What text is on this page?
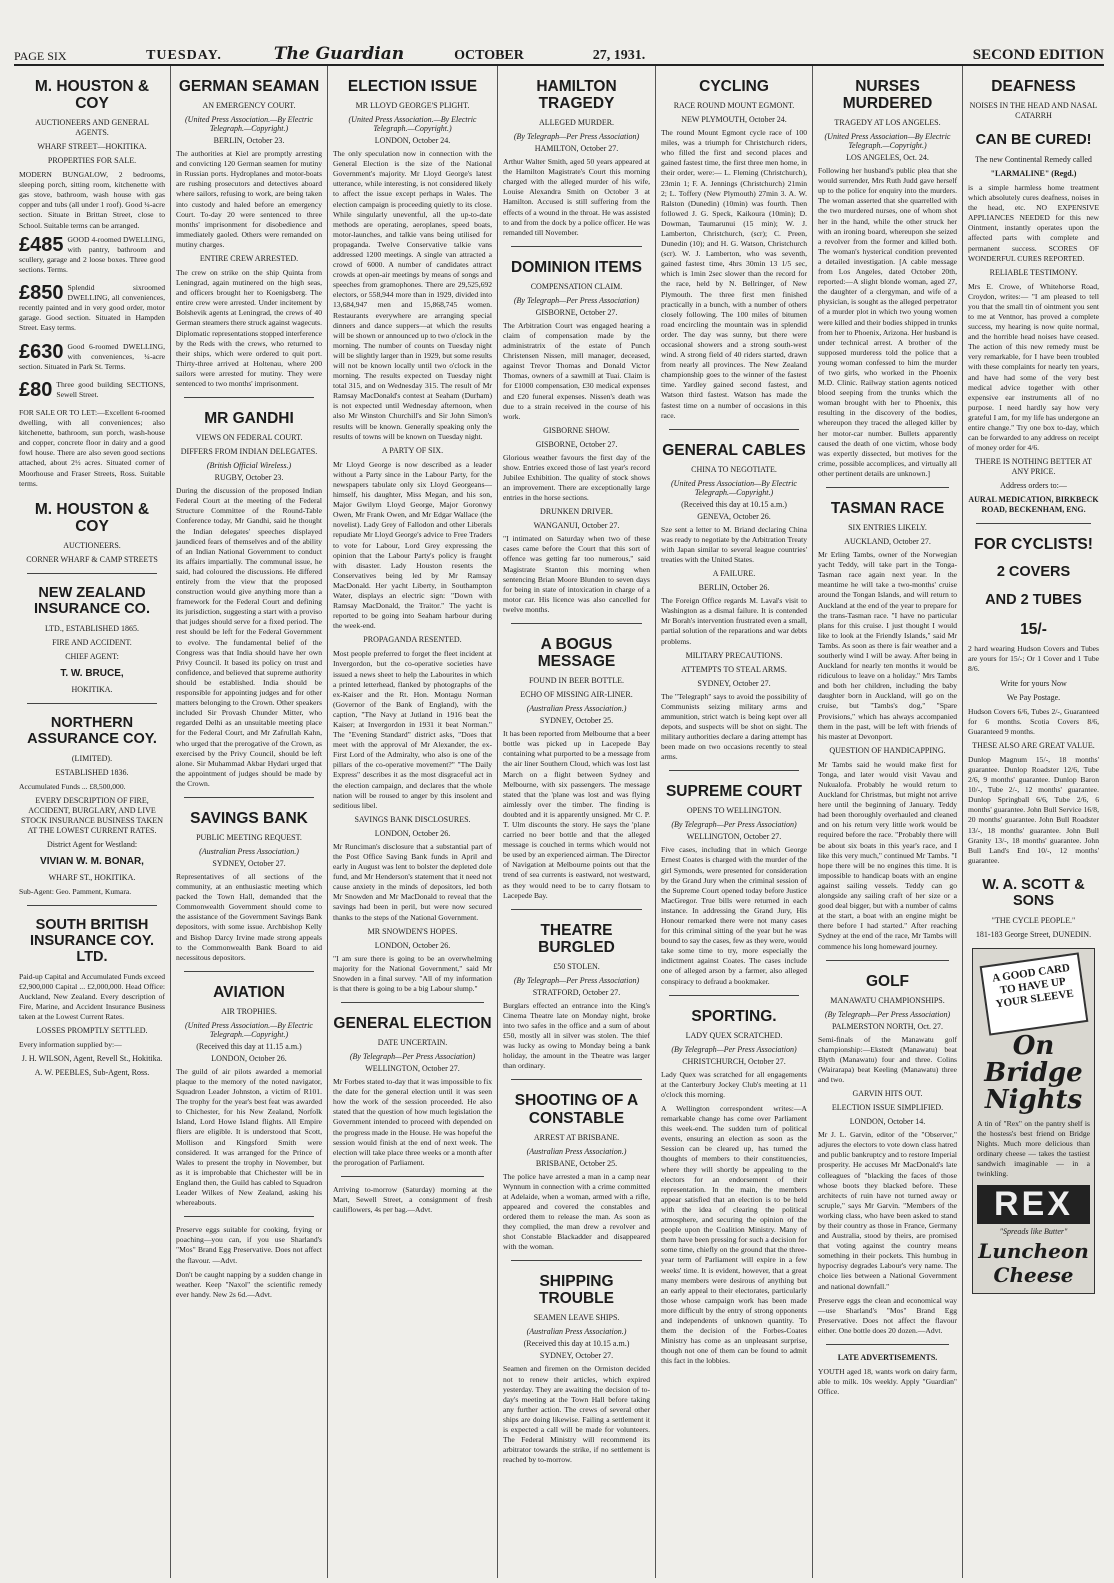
PAGE SIX	TUESDAY.	The Guardian	OCTOBER	27, 1931.	SECOND EDITION
M. HOUSTON & COY
AUCTIONEERS AND GENERAL AGENTS.
WHARF STREET—HOKITIKA.
PROPERTIES FOR SALE.
MODERN BUNGALOW, 2 bedrooms, sleeping porch, sitting room, kitchenette with gas stove, bathroom, wash house with gas copper and tubs (all under 1 roof). Good ¼-acre section. Situate in Brittan Street, close to School. Suitable terms can be arranged.
£485 GOOD 4-roomed DWELLING, with pantry, bathroom and scullery, garage and 2 loose boxes. Three good sections. Terms.
£850 Splendid sixroomed DWELLING, all conveniences, recently painted and in very good order, motor garage. Good section. Situated in Hampden Street. Easy terms.
£630 Good 6-roomed DWELLING, with conveniences, ¼-acre section. Situated in Park St. Terms.
£80 Three good building SECTIONS, Sewell Street.
FOR SALE OR TO LET:—Excellent 6-roomed dwelling, with all conveniences; also kitchenette, bathroom, sun porch, wash-house and copper, concrete floor in dairy and a good fowl house. There are also seven good sections attached, about 2½ acres. Situated corner of Moorhouse and Fraser Streets, Ross. Suitable terms.
M. HOUSTON & COY
AUCTIONEERS.
CORNER WHARF & CAMP STREETS
NEW ZEALAND INSURANCE CO.
LTD., ESTABLISHED 1865.
FIRE AND ACCIDENT.
CHIEF AGENT:
T. W. BRUCE,
HOKITIKA.
NORTHERN ASSURANCE COY.
(LIMITED).
ESTABLISHED 1836.
Accumulated Funds ... £8,500,000.
EVERY DESCRIPTION OF FIRE, ACCIDENT, BURGLARY, AND LIVE STOCK INSURANCE BUSINESS TAKEN AT THE LOWEST CURRENT RATES.
District Agent for Westland:
VIVIAN W. M. BONAR,
WHARF ST., HOKITIKA.
Sub-Agent: Geo. Pamment, Kumara.
SOUTH BRITISH INSURANCE COY. LTD.
Paid-up Capital and Accumulated Funds exceed £2,900,000 Capital ... £2,000,000. Head Office: Auckland, New Zealand. Every description of Fire, Marine, and Accident Insurance Business taken at the Lowest Current Rates.
LOSSES PROMPTLY SETTLED.
Every information supplied by:—
J. H. WILSON, Agent, Revell St., Hokitika.
A. W. PEEBLES, Sub-Agent, Ross.
GERMAN SEAMAN
AN EMERGENCY COURT.
(United Press Association.—By Electric Telegraph.—Copyright.)
BERLIN, October 23.
The authorities at Kiel are promptly arresting and convicting 120 German seamen for mutiny in Russian ports. Hydroplanes and motor-boats are rushing prosecutors and detectives aboard where sailors, refusing to work, are being taken into custody and haled before an emergency Court. To-day 20 were sentenced to three months' imprisonment for disobedience and immediately gaoled. Others were remanded on mutiny charges.
ENTIRE CREW ARRESTED.
The crew on strike on the ship Quinta from Leningrad, again mutinered on the high seas, and officers brought her to Koenigsberg. The entire crew were arrested. Under incitement by Bolshevik agents at Leningrad, the crews of 40 German steamers there struck against wagecuts. Diplomatic representations stopped interference by the Reds with the crews, who returned to their ships, which were ordered to quit port. Thirty-three arrived at Holtenau, where 200 sailors were arrested for mutiny. They were sentenced to two months' imprisonment.
MR GANDHI
VIEWS ON FEDERAL COURT.
DIFFERS FROM INDIAN DELEGATES.
(British Official Wireless.)
RUGBY, October 23.
During the discussion of the proposed Indian Federal Court at the meeting of the Federal Structure Committee of the Round-Table Conference today, Mr Gandhi, said he thought the Indian delegates' speeches displayed jaundiced fears of themselves and of the ability of an Indian National Government to conduct its affairs impartially. The communal issue, he said, had coloured the discussions. He differed entirely from the view that the proposed construction would give anything more than a framework for the Federal Court and defining its jurisdiction, suggesting a start with a proviso that judges should serve for a fixed period. The rest should be left for the Federal Government to evolve. The fundamental belief of the Congress was that India should have her own Privy Council. It based its policy on trust and confidence, and believed that supreme authority should be established. India should be responsible for appointing judges and for other matters belonging to the Crown. Other speakers included Sir Provash Chunder Mitter, who regarded Delhi as an unsuitable meeting place for the Federal Court, and Mr Zafrullah Kahn, who urged that the prerogative of the Crown, as exercised by the Privy Council, should be left alone. Sir Muhammad Akbar Hydari urged that the appointment of judges should be made by the Crown.
SAVINGS BANK
PUBLIC MEETING REQUEST.
(Australian Press Association.)
SYDNEY, October 27.
Representatives of all sections of the community, at an enthusiastic meeting which packed the Town Hall, demanded that the Commonwealth Government should come to the assistance of the Government Savings Bank depositors, with some issue. Archbishop Kelly and Bishop Darcy Irvine made strong appeals to the Commonwealth Bank Board to aid necessitous depositors.
AVIATION
AIR TROPHIES.
(United Press Association.—By Electric Telegraph.—Copyright.)
(Received this day at 11.15 a.m.)
LONDON, October 26.
The guild of air pilots awarded a memorial plaque to the memory of the noted navigator, Squadron Leader Johnston, a victim of R101. The trophy for the year's best feat was awarded to Chichester, for his New Zealand, Norfolk Island, Lord Howe Island flights. All Empire fliers are eligible. It is understood that Scott, Mollison and Kingsford Smith were considered. It was arranged for the Prince of Wales to present the trophy in November, but as it is improbable that Chichester will be in England then, the Guild has cabled to Squadron Leader Wilkes of New Zealand, asking his whereabouts.
Preserve eggs suitable for cooking, frying or poaching—you can, if you use Sharland's "Mos" Brand Egg Preservative. Does not affect the flavour. —Advt.
Don't be caught napping by a sudden change in weather. Keep "Naxol" the scientific remedy ever handy. New 2s 6d.—Advt.
ELECTION ISSUE
MR LLOYD GEORGE'S PLIGHT.
(United Press Association.—By Electric Telegraph.—Copyright.)
LONDON, October 24.
The only speculation now in connection with the General Election is the size of the National Government's majority. Mr Lloyd George's latest utterance, while interesting, is not considered likely to affect the issue except perhaps in Wales. The election campaign is proceeding quietly to its close. While singularly uneventful, all the up-to-date methods are operating, aeroplanes, speed boats, motor-launches, and talkie vans being utilised for propaganda. Twelve Conservative talkie vans addressed 1200 meetings. A single van attracted a crowd of 6000. A number of candidates attract crowds at open-air meetings by means of songs and speeches from gramophones. There are 29,525,692 electors, or 558,944 more than in 1929, divided into 13,684,947 men and 15,868,745 women. Restaurants everywhere are arranging special dinners and dance suppers—at which the results will be shown or announced up to two o'clock in the morning. The number of counts on Tuesday night will be slightly larger than in 1929, but some results will not be known locally until two o'clock in the morning. The results expected on Tuesday night total 315, and on Wednesday 315. The result of Mr Ramsay MacDonald's contest at Seaham (Durham) is not expected until Wednesday afternoon, when also Mr Winston Churchill's and Sir John Simon's results will be known. Generally speaking only the results of towns will be known on Tuesday night.
A PARTY OF SIX.
Mr Lloyd George is now described as a leader without a Party since in the Labour Party, for the newspapers tabulate only six Lloyd Georgeans—himself, his daughter, Miss Megan, and his son, Major Gwilym Lloyd George, Major Goronwy Owen, Mr Frank Owen, and Mr Edgar Wallace (the novelist). Lady Grey of Fallodon and other Liberals repudiate Mr Lloyd George's advice to Free Traders to vote for Labour, Lord Grey expressing the opinion that the Labour Party's policy is fraught with disaster. Lady Houston resents the Conservatives being led by Mr Ramsay MacDonald. Her yacht Liberty, in Southampton Water, displays an electric sign: "Down with Ramsay MacDonald, the Traitor." The yacht is reported to be going into Seaham harbour during the week-end.
PROPAGANDA RESENTED.
Most people preferred to forget the fleet incident at Invergordon, but the co-operative societies have issued a news sheet to help the Labourites in which a printed letterhead, flanked by photographs of the ex-Kaiser and the Rt. Hon. Montagu Norman (Governor of the Bank of England), with the caption, "The Navy at Jutland in 1916 beat the Kaiser; at Invergordon in 1931 it beat Norman." The "Evening Standard" district asks, "Does that meet with the approval of Mr Alexander, the ex-First Lord of the Admiralty, who also is one of the pillars of the co-operative movement?" "The Daily Express" describes it as the most disgraceful act in the election campaign, and declares that the whole nation will be roused to anger by this insolent and seditious libel.
SAVINGS BANK DISCLOSURES.
LONDON, October 26.
Mr Runciman's disclosure that a substantial part of the Post Office Saving Bank funds in April and early in August was lent to bolster the depleted dole fund, and Mr Henderson's statement that it need not cause anxiety in the minds of depositors, led both Mr Snowden and Mr MacDonald to reveal that the savings had been in peril, but were now secured thanks to the steps of the National Government.
MR SNOWDEN'S HOPES.
LONDON, October 26.
"I am sure there is going to be an overwhelming majority for the National Government," said Mr Snowden in a final survey. "All of my information is that there is going to be a big Labour slump."
GENERAL ELECTION
DATE UNCERTAIN.
(By Telegraph—Per Press Association)
WELLINGTON, October 27.
Mr Forbes stated to-day that it was impossible to fix the date for the general election until it was seen how the work of the session proceeded. He also stated that the question of how much legislation the Government intended to proceed with depended on the progress made in the House. He was hopeful the session would finish at the end of next week. The election will take place three weeks or a month after the prorogation of Parliament.
Arriving to-morrow (Saturday) morning at the Mart, Sewell Street, a consignment of fresh cauliflowers, 4s per bag.—Advt.
HAMILTON TRAGEDY
ALLEGED MURDER.
(By Telegraph—Per Press Association)
HAMILTON, October 27.
Arthur Walter Smith, aged 50 years appeared at the Hamilton Magistrate's Court this morning charged with the alleged murder of his wife, Louise Alexandra Smith on October 3 at Hamilton. Accused is still suffering from the effects of a wound in the throat. He was assisted to and from the dock by a police officer. He was remanded till November.
DOMINION ITEMS
COMPENSATION CLAIM.
(By Telegraph—Per Press Association)
GISBORNE, October 27.
The Arbitration Court was engaged hearing a claim of compensation made by the administratrix of the estate of Punch Christensen Nissen, mill manager, deceased, against Trevor Thomas and Donald Victor Thomas, owners of a sawmill at Tuai. Claim is for £1000 compensation, £30 medical expenses and £20 funeral expenses. Nissen's death was due to a strain received in the course of his work.
GISBORNE SHOW.
GISBORNE, October 27.
Glorious weather favours the first day of the show. Entries exceed those of last year's record Jubilee Exhibition. The quality of stock shows an improvement. There are exceptionally large entries in the horse sections.
DRUNKEN DRIVER.
WANGANUI, October 27.
"I intimated on Saturday when two of these cases came before the Court that this sort of offence was getting far too numerous," said Magistrate Stanton this morning when sentencing Brian Moore Blunden to seven days for being in state of intoxication in charge of a motor car. His licence was also cancelled for twelve months.
A BOGUS MESSAGE
FOUND IN BEER BOTTLE.
ECHO OF MISSING AIR-LINER.
(Australian Press Association.)
SYDNEY, October 25.
It has been reported from Melbourne that a beer bottle was picked up in Lacepede Bay containing what purported to be a message from the air liner Southern Cloud, which was lost last March on a flight between Sydney and Melbourne, with six passengers. The message stated that the 'plane was lost and was flying aimlessly over the timber. The finding is doubted and it is apparently unsigned. Mr C. P. T. Ulm discounts the story. He says the 'plane carried no beer bottle and that the alleged message is couched in terms which would not be used by an experienced airman. The Director of Navigation at Melbourne points out that the trend of sea currents is eastward, not westward, as they would need to be to carry flotsam to Lacepede Bay.
THEATRE BURGLED
£50 STOLEN.
(By Telegraph—Per Press Association)
STRATFORD, October 27.
Burglars effected an entrance into the King's Cinema Theatre late on Monday night, broke into two safes in the office and a sum of about £50, mostly all in silver was stolen. The thief was lucky as owing to Monday being a bank holiday, the amount in the Theatre was larger than ordinary.
SHOOTING OF A CONSTABLE
ARREST AT BRISBANE.
(Australian Press Association.)
BRISBANE, October 25.
The police have arrested a man in a camp near Wynnum in connection with a crime committed at Adelaide, when a woman, armed with a rifle, appeared and covered the constables and ordered them to release the man. As soon as they complied, the man drew a revolver and shot Constable Blackadder and disappeared with the woman.
SHIPPING TROUBLE
SEAMEN LEAVE SHIPS.
(Australian Press Association.)
(Received this day at 10.15 a.m.)
SYDNEY, October 27.
Seamen and firemen on the Ormiston decided not to renew their articles, which expired yesterday. They are awaiting the decision of to-day's meeting at the Town Hall before taking any further action. The crews of several other ships are doing likewise. Failing a settlement it is expected a call will be made for volunteers. The Federal Ministry will recommend its arbitrator towards the strike, if no settlement is reached by to-morrow.
CYCLING
RACE ROUND MOUNT EGMONT.
NEW PLYMOUTH, October 24.
The round Mount Egmont cycle race of 100 miles, was a triumph for Christchurch riders, who filled the first and second places and gained fastest time, the first three men home, in their order, were:— L. Fleming (Christchurch), 23min 1; F. A. Jennings (Christchurch) 21min 2; L. Toffery (New Plymouth) 27min 3. A. W. Ralston (Dunedin) (10min) was fourth. Then followed J. G. Speck, Kaikoura (10min); D. Dowman, Taumarunui (15 min); W. J. Lamberton, Christchurch, (scr); C. Preen, Dunedin (10); and H. G. Watson, Christchurch (scr). W. J. Lamberton, who was seventh, gained fastest time, 4hrs 30min 13 1/5 sec, which is 1min 2sec slower than the record for the race, held by N. Bellringer, of New Plymouth. The three first men finished practically in a bunch, with a number of others closely following. The 100 miles of bitumen road encircling the mountain was in splendid order. The day was sunny, but there were occasional showers and a strong south-west wind. A strong field of 40 riders started, drawn from nearly all provinces. The New Zealand championship goes to the winner of the fastest time. Yardley gained second fastest, and Watson third fastest. Watson has made the fastest time on a number of occasions in this race.
GENERAL CABLES
CHINA TO NEGOTIATE.
(United Press Association—By Electric Telegraph.—Copyright.)
(Received this day at 10.15 a.m.)
GENEVA, October 26.
Sze sent a letter to M. Briand declaring China was ready to negotiate by the Arbitration Treaty with Japan similar to several league countries' treaties with the United States.
A FAILURE.
BERLIN, October 26.
The Foreign Office regards M. Laval's visit to Washington as a dismal failure. It is contended Mr Borah's intervention frustrated even a small, partial solution of the reparations and war debts problems.
MILITARY PRECAUTIONS.
ATTEMPTS TO STEAL ARMS.
SYDNEY, October 27.
The "Telegraph" says to avoid the possibility of Communists seizing military arms and ammunition, strict watch is being kept over all depots, and suspects will be shot on sight. The military authorities declare a daring attempt has been made on two occasions recently to steal arms.
SUPREME COURT
OPENS TO WELLINGTON.
(By Telegraph—Per Press Association)
WELLINGTON, October 27.
Five cases, including that in which George Ernest Coates is charged with the murder of the girl Symonds, were presented for consideration by the Grand Jury when the criminal session of the Supreme Court opened today before Justice MacGregor. True bills were returned in each instance. In addressing the Grand Jury, His Honour remarked there were not many cases for this criminal sitting of the year but he was bound to say the cases, few as they were, would take some time to try, more especially the indictment against Coates. The cases include one of alleged arson by a farmer, also alleged conspiracy to defraud a bookmaker.
SPORTING.
LADY QUEX SCRATCHED.
(By Telegraph—Per Press Association)
CHRISTCHURCH, October 27.
Lady Quex was scratched for all engagements at the Canterbury Jockey Club's meeting at 11 o'clock this morning.
A Wellington correspondent writes:—A remarkable change has come over Parliament this week-end. The sudden turn of political events, ensuring an election as soon as the Session can be cleared up, has turned the thoughts of members to their constituencies, where they will shortly be appealing to the electors for an endorsement of their representation. In the main, the members appear satisfied that an election is to be held with the idea of clearing the political atmosphere, and securing the opinion of the people upon the Coalition Ministry. Many of them have been pressing for such a decision for some time, chiefly on the ground that the three-year term of Parliament will expire in a few weeks' time. It is evident, however, that a great many members were desirous of anything but an early appeal to their electorates, particularly those whose campaign work has been made more difficult by the entry of strong opponents and independents of unknown quantity. To them the decision of the Forbes-Coates Ministry has come as an unpleasant surprise, though not one of them can be found to admit this fact in the lobbies.
NURSES MURDERED
TRAGEDY AT LOS ANGELES.
(United Press Association—By Electric Telegraph.—Copyright.)
LOS ANGELES, Oct. 24.
Following her husband's public plea that she would surrender, Mrs Ruth Judd gave herself up to the police for enquiry into the murders. The woman asserted that she quarrelled with the two murdered nurses, one of whom shot her in the hand, while the other struck her with an ironing board, whereupon she seized a revolver from the former and killed both. The woman's hysterical condition prevented a detailed investigation. [A cable message from Los Angeles, dated October 20th, reported:—A slight blonde woman, aged 27, the daughter of a clergyman, and wife of a physician, is sought as the alleged perpetrator of a murder plot in which two young women were killed and their bodies shipped in trunks from her to Phoenix, Arizona. Her husband is under technical arrest. A brother of the supposed murderess told the police that a young woman confessed to him the murder of two girls, who worked in the Phoenix M.D. Clinic. Railway station agents noticed blood seeping from the trunks which the woman brought with her to Phoenix, this resulting in the discovery of the bodies, whereupon they traced the alleged killer by her motor-car number. Bullets apparently caused the death of one victim, whose body was expertly dissected, but motives for the crime, possible accomplices, and virtually all other pertinent details are unknown.]
TASMAN RACE
SIX ENTRIES LIKELY.
AUCKLAND, October 27.
Mr Erling Tambs, owner of the Norwegian yacht Teddy, will take part in the Tonga-Tasman race again next year. In the meantime he will take a two-months' cruise around the Tongan Islands, and will return to Auckland at the end of the year to prepare for the trans-Tasman race. "I have no particular plans for this cruise. I just thought I would like to look at the Friendly Islands," said Mr Tambs. As soon as there is fair weather and a southerly wind I will be away. After being in Auckland for nearly ten months it would be ridiculous to leave on a holiday." Mrs Tambs and both her children, including the baby daughter born in Auckland, will go on the cruise, but "Tambs's dog," "Spare Provisions," which has always accompanied them in the past, will be left with friends of his master at Devonport.
QUESTION OF HANDICAPPING.
Mr Tambs said he would make first for Tonga, and later would visit Vavau and Nukualofa. Probably he would return to Auckland for Christmas, but might not arrive here until the beginning of January. Teddy had been thoroughly overhauled and cleaned and on his return very little work would be required before the race. "Probably there will be about six boats in this year's race, and I like this very much," continued Mr Tambs. "I hope there will be no engines this time. It is impossible to handicap boats with an engine against sailing vessels. Teddy can go alongside any sailing craft of her size or a good deal bigger, but with a number of calms at the start, a boat with an engine might be there before I had started." After reaching Sydney at the end of the race, Mr Tambs will commence his long homeward journey.
GOLF
MANAWATU CHAMPIONSHIPS.
(By Telegraph—Per Press Association)
PALMERSTON NORTH, Oct. 27.
Semi-finals of the Manawatu golf championship:—Ekstedt (Manawatu) beat Blyth (Manawatu) four and three. Colins (Wairarapa) beat Keeling (Manawatu) three and two.
GARVIN HITS OUT.
ELECTION ISSUE SIMPLIFIED.
LONDON, October 14.
Mr J. L. Garvin, editor of the "Observer," adjures the electors to vote down class hatred and public bankruptcy and to restore Imperial prosperity. He accuses Mr MacDonald's late colleagues of "blacking the faces of those whose boots they blacked before. These architects of ruin have not turned away or scruple," says Mr Garvin. "Members of the working class, who have been asked to stand by their country as those in France, Germany and Australia, stood by theirs, are promised that voting against the country means something in their pockets. This humbug in hypocrisy degrades Labour's very name. The choice lies between a National Government and national downfall."
Preserve eggs the clean and economical way—use Sharland's "Mos" Brand Egg Preservative. Does not affect the flavour either. One bottle does 20 dozen.—Advt.
LATE ADVERTISEMENTS.
YOUTH aged 18, wants work on dairy farm, able to milk. 10s weekly. Apply "Guardian" Office.
DEAFNESS
NOISES IN THE HEAD AND NASAL CATARRH
CAN BE CURED!
The new Continental Remedy called
"LARMALINE" (Regd.)
is a simple harmless home treatment which absolutely cures deafness, noises in the head, etc. NO EXPENSIVE APPLIANCES NEEDED for this new Ointment, instantly operates upon the affected parts with complete and permanent success. SCORES OF WONDERFUL CURES REPORTED.
RELIABLE TESTIMONY.
Mrs E. Crowe, of Whitehorse Road, Croydon, writes:— "I am pleased to tell you that the small tin of ointment you sent to me at Ventnor, has proved a complete success, my hearing is now quite normal, and the horrible head noises have ceased. The action of this new remedy must be very remarkable, for I have been troubled with these complaints for nearly ten years, and have had some of the very best medical advice together with other expensive ear instruments all of no purpose. I need hardly say how very grateful I am, for my life has undergone an entire change." Try one box to-day, which can be forwarded to any address on receipt of money order for 4/6.
THERE IS NOTHING BETTER AT ANY PRICE.
Address orders to:—
AURAL MEDICATION, BIRKBECK ROAD, BECKENHAM, ENG.
FOR CYCLISTS!
2 COVERS
AND 2 TUBES
15/-
2 hard wearing Hudson Covers and Tubes are yours for 15/-; Or 1 Cover and 1 Tube 8/6.
Write for yours Now
We Pay Postage.
Hudson Covers 6/6, Tubes 2/-, Guaranteed for 6 months. Scotia Covers 8/6, Guaranteed 9 months.
THESE ALSO ARE GREAT VALUE.
Dunlop Magnum 15/-, 18 months' guarantee. Dunlop Roadster 12/6, Tube 2/6, 9 months' guarantee. Dunlop Baron 10/-, Tube 2/-, 12 months' guarantee. Dunlop Springball 6/6, Tube 2/6, 6 months' guarantee. John Bull Service 16/8, 20 months' guarantee. John Bull Roadster 13/-, 18 months' guarantee. John Bull Granity 13/-, 18 months' guarantee. John Bull Land's End 10/-, 12 months' guarantee.
W. A. SCOTT & SONS
"THE CYCLE PEOPLE."
181-183 George Street, DUNEDIN.
A GOOD CARD TO HAVE UP YOUR SLEEVE
On Bridge Nights
A tin of "Rex" on the pantry shelf is the hostess's best friend on Bridge Nights. Much more delicious than ordinary cheese — takes the tastiest sandwich imaginable — in a twinkling.
REX
"Spreads like Butter"
Luncheon Cheese
